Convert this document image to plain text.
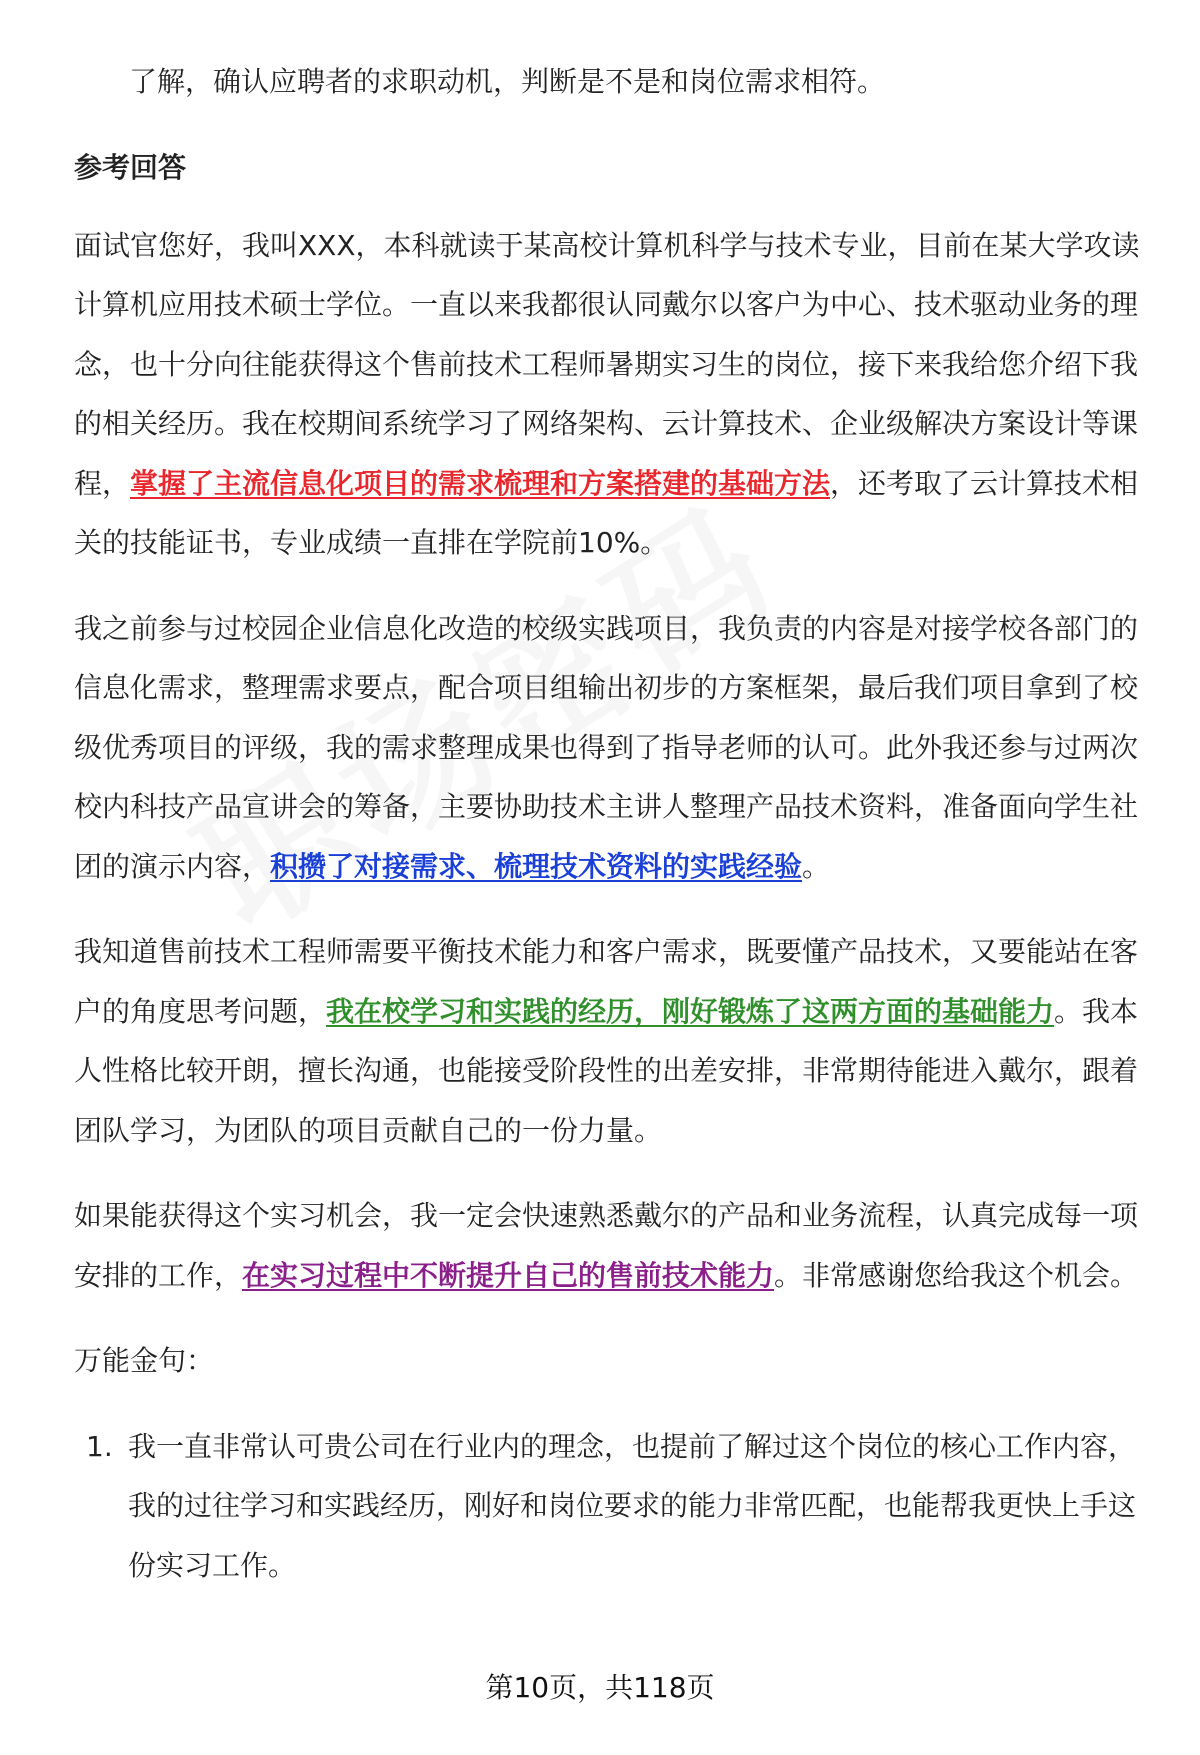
了解，确认应聘者的求职动机，判断是不是和岗位需求相符。

参考回答

面试官您好，我叫XXX，本科就读于某高校计算机科学与技术专业，目前在某大学攻读计算机应用技术硕士学位。一直以来我都很认同戴尔以客户为中心、技术驱动业务的理念，也十分向往能获得这个售前技术工程师暑期实习生的岗位，接下来我给您介绍下我的相关经历。我在校期间系统学习了网络架构、云计算技术、企业级解决方案设计等课程，掌握了主流信息化项目的需求梳理和方案搭建的基础方法，还考取了云计算技术相关的技能证书，专业成绩一直排在学院前10%。

我之前参与过校园企业信息化改造的校级实践项目，我负责的内容是对接学校各部门的信息化需求，整理需求要点，配合项目组输出初步的方案框架，最后我们项目拿到了校级优秀项目的评级，我的需求整理成果也得到了指导老师的认可。此外我还参与过两次校内科技产品宣讲会的筹备，主要协助技术主讲人整理产品技术资料，准备面向学生社团的演示内容，积攒了对接需求、梳理技术资料的实践经验。

我知道售前技术工程师需要平衡技术能力和客户需求，既要懂产品技术，又要能站在客户的角度思考问题，我在校学习和实践的经历，刚好锻炼了这两方面的基础能力。我本人性格比较开朗，擅长沟通，也能接受阶段性的出差安排，非常期待能进入戴尔，跟着团队学习，为团队的项目贡献自己的一份力量。

如果能获得这个实习机会，我一定会快速熟悉戴尔的产品和业务流程，认真完成每一项安排的工作，在实习过程中不断提升自己的售前技术能力。非常感谢您给我这个机会。

万能金句：

1. 我一直非常认可贵公司在行业内的理念，也提前了解过这个岗位的核心工作内容，我的过往学习和实践经历，刚好和岗位要求的能力非常匹配，也能帮我更快上手这份实习工作。
第10页，共118页
